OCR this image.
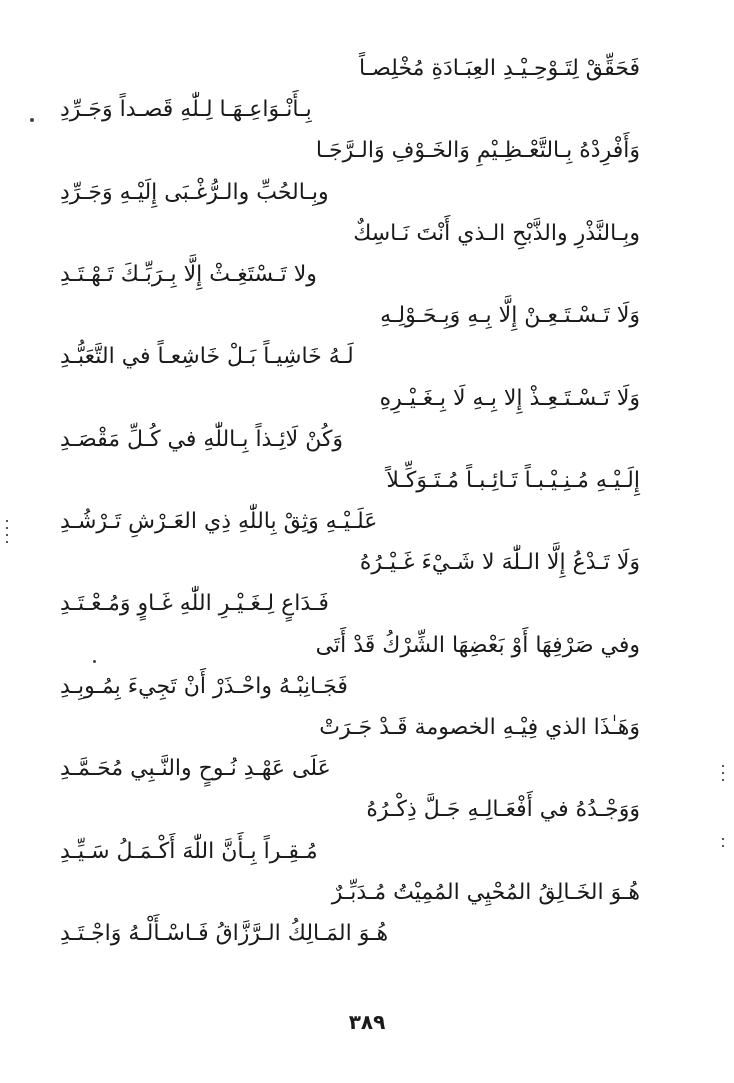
فَحَقِّقْ لِتَـوْحِـيْـدِ العِبَـادَةِ مُخْلِصـاً
بِـأَنْـوَاعِـهَـا لِـلّٰهِ قَصـداً وَجَـرِّدِ
وَأَفْرِدْهُ بِـالتَّعْـظِـيْمِ وَالخَـوْفِ وَالـرَّجَـا
وبِـالحُبِّ والـرُّغْـبَى إِلَيْـهِ وَجَـرِّدِ
وبِـالنَّذْرِ والذَّبْحِ الـذي أَنْتَ نَـاسِكٌ
ولا تَـسْتَغِـثْ إِلَّا بِـرَبِّـكَ تَـهْـتَـدِ
وَلَا تَـسْـتَـعِـنْ إِلَّا بِـهِ وَبِـحَـوْلِـهِ
لَـهُ خَاشِيـاً بَـلْ خَاشِعـاً في التَّعَبُّـدِ
وَلَا تَـسْـتَـعِـذْ إِلا بِـهِ لَا بِـغَـيْـرِهِ
وَكُنْ لَائِـذاً بِـاللّٰهِ في كُـلِّ مَقْصَـدِ
إِلَـيْـهِ مُـنِـيْـبـاً تَـائِـبـاً مُـتَـوَكِّـلاً
عَلَـيْـهِ وَثِقْ بِاللّٰهِ ذِي العَـرْشِ تَـرْشُـدِ
وَلَا تَـدْعُ إِلَّا الـلّٰهَ لا شَـيْءَ غَـيْـرُهُ
فَـدَاعٍ لِـغَـيْـرِ اللّٰهِ غَـاوٍ وَمُـعْـتَـدِ
وفي صَرْفِهَا أَوْ بَعْضِهَا الشِّرْكُ قَدْ أَتَى
فَجَـانِبْـهُ واحْـذَرْ أَنْ تَجِيءَ بِمُـوبِـدِ
وَهَـٰذَا الذي فِيْـهِ الخصومة قَـدْ جَـرَتْ
عَلَى عَهْـدِ نُـوحٍ والنَّـبِي مُحَـمَّـدِ
وَوَجْـدُهُ في أَفْعَـالِـهِ جَـلَّ ذِكْـرُهُ
مُـقِـراً بِـأَنَّ اللّٰهَ أَكْـمَـلُ سَـيِّـدِ
هُـوَ الخَـالِقُ المُحْيِي المُمِيْتُ مُـدَبِّـرٌ
هُـوَ المَـالِكُ الـرَّزَّاقُ فَـاسْـأَلْـهُ وَاجْـتَـدِ
٣٨٩
